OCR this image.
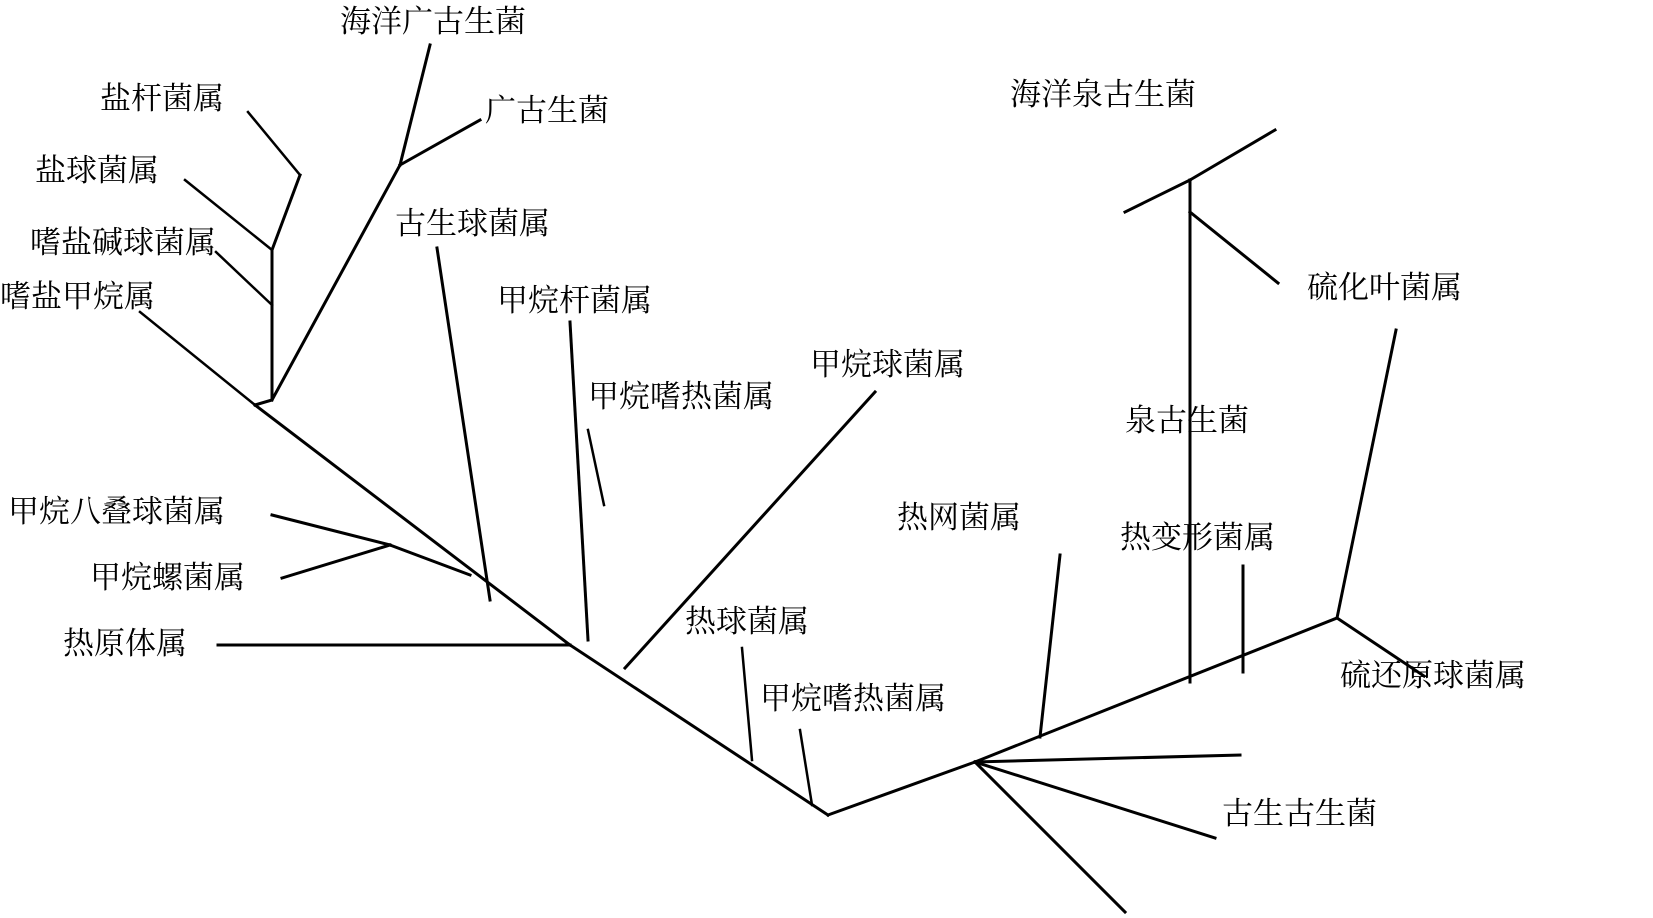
海洋广古生菌
盐杆菌属	广古生菌
盐球菌属
嗜盐碱球菌属
古生球菌属
嗜盐甲烷属	甲烷杆菌属
海洋泉古生菌
硫化叶菌属
甲烷球菌属
甲烷嗜热菌属
泉古生菌
甲烷八叠球菌属	热网菌属
热变形菌属
甲烷螺菌属
热球菌属
热原体属
硫还原球菌属
甲烷嗜热菌属
古生古生菌
